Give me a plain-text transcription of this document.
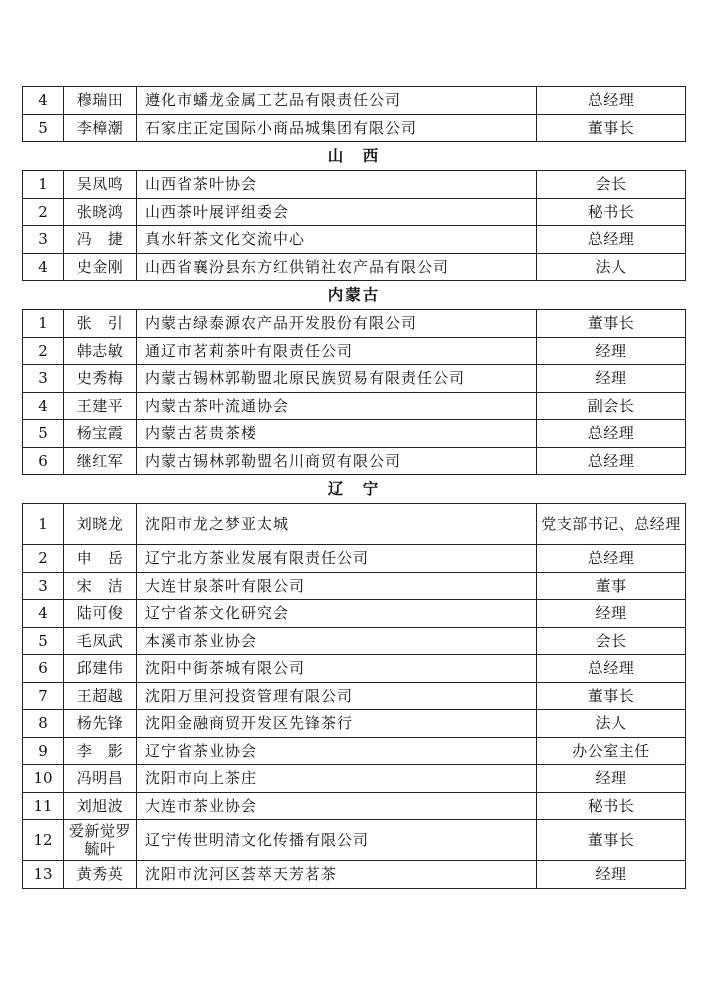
4	穆瑞田	遵化市蟠龙金属工艺品有限责任公司	总经理
5	李樟潮	石家庄正定国际小商品城集团有限公司	董事长
山　西
1	吴凤鸣	山西省茶叶协会	会长
2	张晓鸿	山西茶叶展评组委会	秘书长
3	冯　捷	真水轩茶文化交流中心	总经理
4	史金刚	山西省襄汾县东方红供销社农产品有限公司	法人
内蒙古
1	张　引	内蒙古绿泰源农产品开发股份有限公司	董事长
2	韩志敏	通辽市茗莉茶叶有限责任公司	经理
3	史秀梅	内蒙古锡林郭勒盟北原民族贸易有限责任公司	经理
4	王建平	内蒙古茶叶流通协会	副会长
5	杨宝霞	内蒙古茗贵茶楼	总经理
6	继红军	内蒙古锡林郭勒盟名川商贸有限公司	总经理
辽　宁
1	刘晓龙	沈阳市龙之梦亚太城	党支部书记、总经理
2	申　岳	辽宁北方茶业发展有限责任公司	总经理
3	宋　洁	大连甘泉茶叶有限公司	董事
4	陆可俊	辽宁省茶文化研究会	经理
5	毛凤武	本溪市茶业协会	会长
6	邱建伟	沈阳中街茶城有限公司	总经理
7	王超越	沈阳万里河投资管理有限公司	董事长
8	杨先锋	沈阳金融商贸开发区先锋茶行	法人
9	李　影	辽宁省茶业协会	办公室主任
10	冯明昌	沈阳市向上茶庄	经理
11	刘旭波	大连市茶业协会	秘书长
12	爱新觉罗毓叶	辽宁传世明清文化传播有限公司	董事长
13	黄秀英	沈阳市沈河区荟萃天芳茗茶	经理
